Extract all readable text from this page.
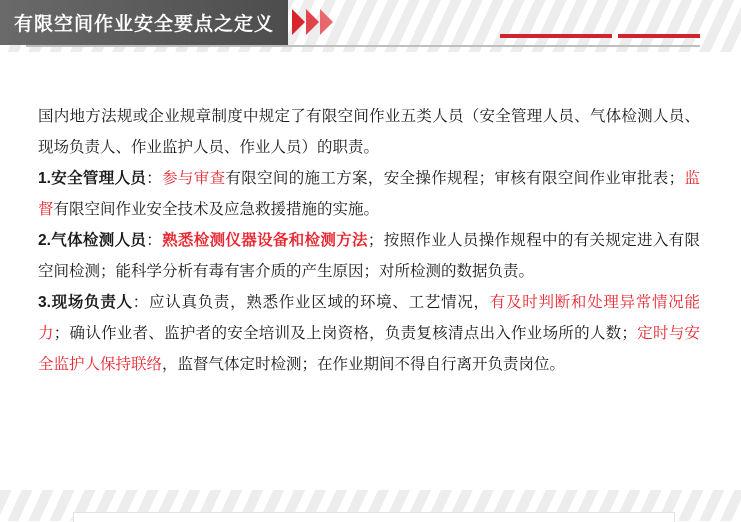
有限空间作业安全要点之定义

国内地方法规或企业规章制度中规定了有限空间作业五类人员（安全管理人员、气体检测人员、现场负责人、作业监护人员、作业人员）的职责。

1.安全管理人员：参与审查有限空间的施工方案，安全操作规程；审核有限空间作业审批表；监督有限空间作业安全技术及应急救援措施的实施。

2.气体检测人员：熟悉检测仪器设备和检测方法；按照作业人员操作规程中的有关规定进入有限空间检测；能科学分析有毒有害介质的产生原因；对所检测的数据负责。

3.现场负责人：应认真负责，熟悉作业区域的环境、工艺情况，有及时判断和处理异常情况能力；确认作业者、监护者的安全培训及上岗资格，负责复核清点出入作业场所的人数；定时与安全监护人保持联络，监督气体定时检测；在作业期间不得自行离开负责岗位。
